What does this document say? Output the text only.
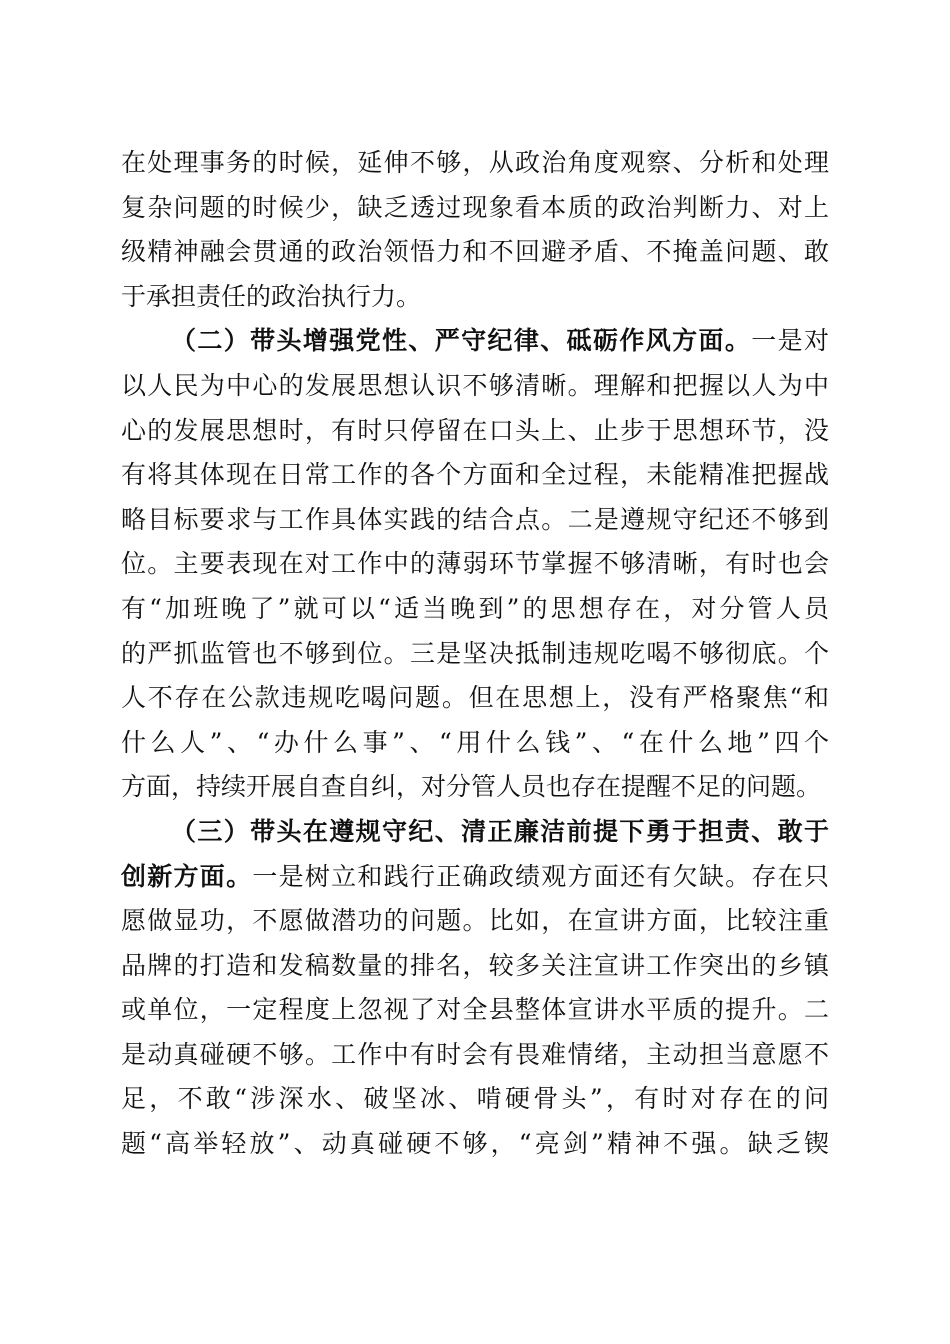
在处理事务的时候，延伸不够，从政治角度观察、分析和处理
复杂问题的时候少，缺乏透过现象看本质的政治判断力、对上
级精神融会贯通的政治领悟力和不回避矛盾、不掩盖问题、敢
于承担责任的政治执行力。
（二）带头增强党性、严守纪律、砥砺作风方面。一是对
以人民为中心的发展思想认识不够清晰。理解和把握以人为中
心的发展思想时，有时只停留在口头上、止步于思想环节，没
有将其体现在日常工作的各个方面和全过程，未能精准把握战
略目标要求与工作具体实践的结合点。二是遵规守纪还不够到
位。主要表现在对工作中的薄弱环节掌握不够清晰，有时也会
有“加班晚了”就可以“适当晚到”的思想存在，对分管人员
的严抓监管也不够到位。三是坚决抵制违规吃喝不够彻底。个
人不存在公款违规吃喝问题。但在思想上，没有严格聚焦“和
什么人”、“办什么事”、“用什么钱”、“在什么地”四个
方面，持续开展自查自纠，对分管人员也存在提醒不足的问题。
（三）带头在遵规守纪、清正廉洁前提下勇于担责、敢于
创新方面。一是树立和践行正确政绩观方面还有欠缺。存在只
愿做显功，不愿做潜功的问题。比如，在宣讲方面，比较注重
品牌的打造和发稿数量的排名，较多关注宣讲工作突出的乡镇
或单位，一定程度上忽视了对全县整体宣讲水平质的提升。二
是动真碰硬不够。工作中有时会有畏难情绪，主动担当意愿不
足，不敢“涉深水、破坚冰、啃硬骨头”，有时对存在的问
题“高举轻放”、动真碰硬不够，“亮剑”精神不强。缺乏锲
